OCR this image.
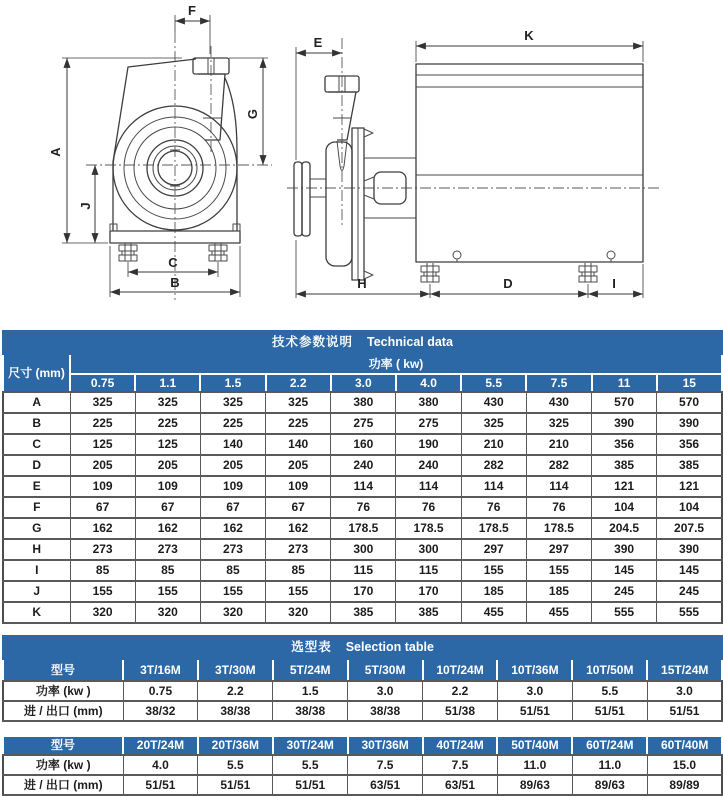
F
A
G
J
C
B
E	K
H	D	I
技术参数说明 Technical data										
尺寸 (mm)	功率 ( kw)									
	0.75	1.1	1.5	2.2	3.0	4.0	5.5	7.5	11	15
A	325	325	325	325	380	380	430	430	570	570
B	225	225	225	225	275	275	325	325	390	390
C	125	125	140	140	160	190	210	210	356	356
D	205	205	205	205	240	240	282	282	385	385
E	109	109	109	109	114	114	114	114	121	121
F	67	67	67	67	76	76	76	76	104	104
G	162	162	162	162	178.5	178.5	178.5	178.5	204.5	207.5
H	273	273	273	273	300	300	297	297	390	390
I	85	85	85	85	115	115	155	155	145	145
J	155	155	155	155	170	170	185	185	245	245
K	320	320	320	320	385	385	455	455	555	555
选型表 Selection table								
型号	3T/16M	3T/30M	5T/24M	5T/30M	10T/24M	10T/36M	10T/50M	15T/24M
功率 (kw )	0.75	2.2	1.5	3.0	2.2	3.0	5.5	3.0
进 / 出口 (mm)	38/32	38/38	38/38	38/38	51/38	51/51	51/51	51/51
型号	20T/24M	20T/36M	30T/24M	30T/36M	40T/24M	50T/40M	60T/24M	60T/40M
功率 (kw )	4.0	5.5	5.5	7.5	7.5	11.0	11.0	15.0
进 / 出口 (mm)	51/51	51/51	51/51	63/51	63/51	89/63	89/63	89/89
